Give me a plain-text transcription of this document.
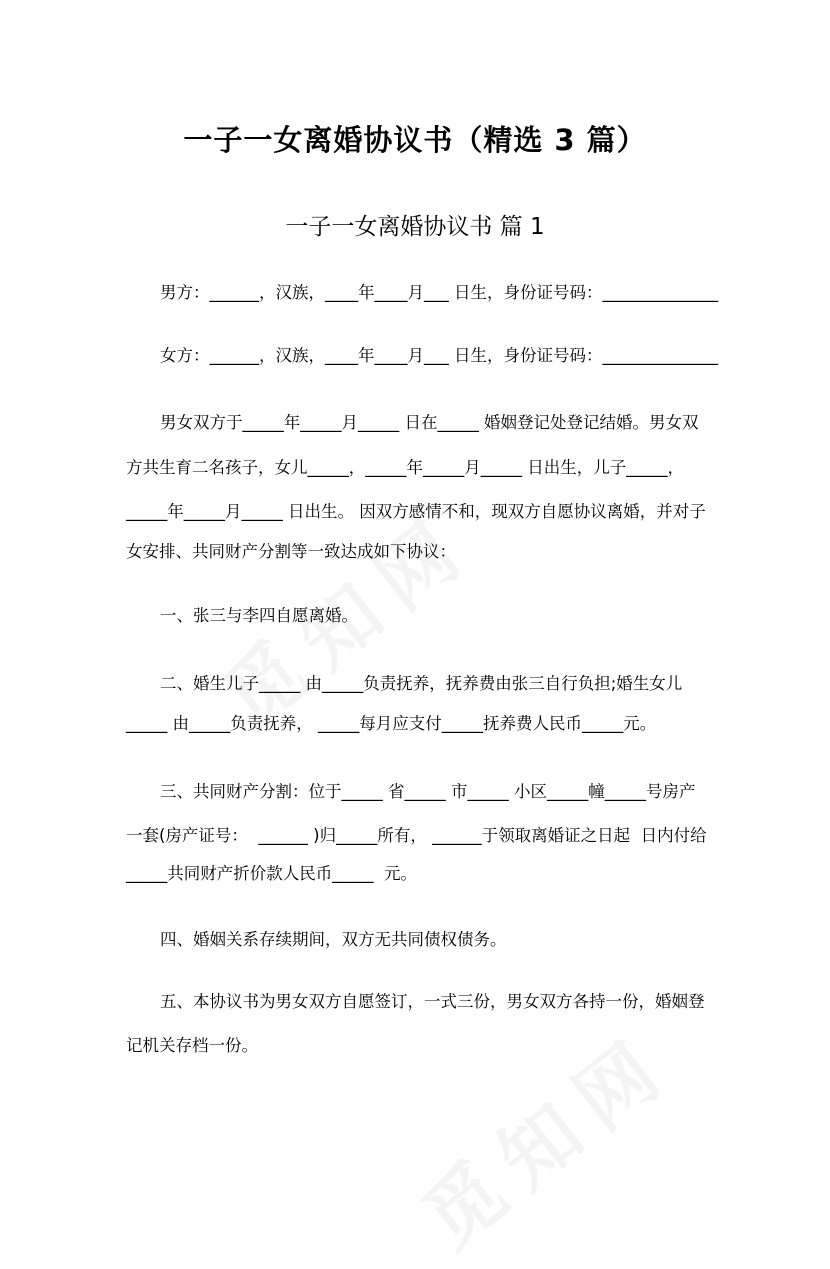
一子一女离婚协议书（精选 3 篇）
一子一女离婚协议书 篇 1
男方：______，汉族，____年____月___ 日生，身份证号码：______________
女方：______，汉族，____年____月___ 日生，身份证号码：______________
男女双方于_____年_____月_____ 日在_____ 婚姻登记处登记结婚。男女双
方共生育二名孩子，女儿_____，_____年_____月_____ 日出生，儿子_____，
_____年_____月_____ 日出生。 因双方感情不和，现双方自愿协议离婚，并对子
女安排、共同财产分割等一致达成如下协议：
一、张三与李四自愿离婚。
二、婚生儿子_____ 由_____负责抚养，抚养费由张三自行负担;婚生女儿
_____ 由_____负责抚养， _____每月应支付_____抚养费人民币_____元。
三、共同财产分割：位于_____ 省_____ 市_____ 小区_____幢_____号房产
一套(房产证号：  ______ )归_____所有， ______于领取离婚证之日起  日内付给
_____共同财产折价款人民币_____  元。
四、婚姻关系存续期间，双方无共同债权债务。
五、本协议书为男女双方自愿签订，一式三份，男女双方各持一份，婚姻登
记机关存档一份。
